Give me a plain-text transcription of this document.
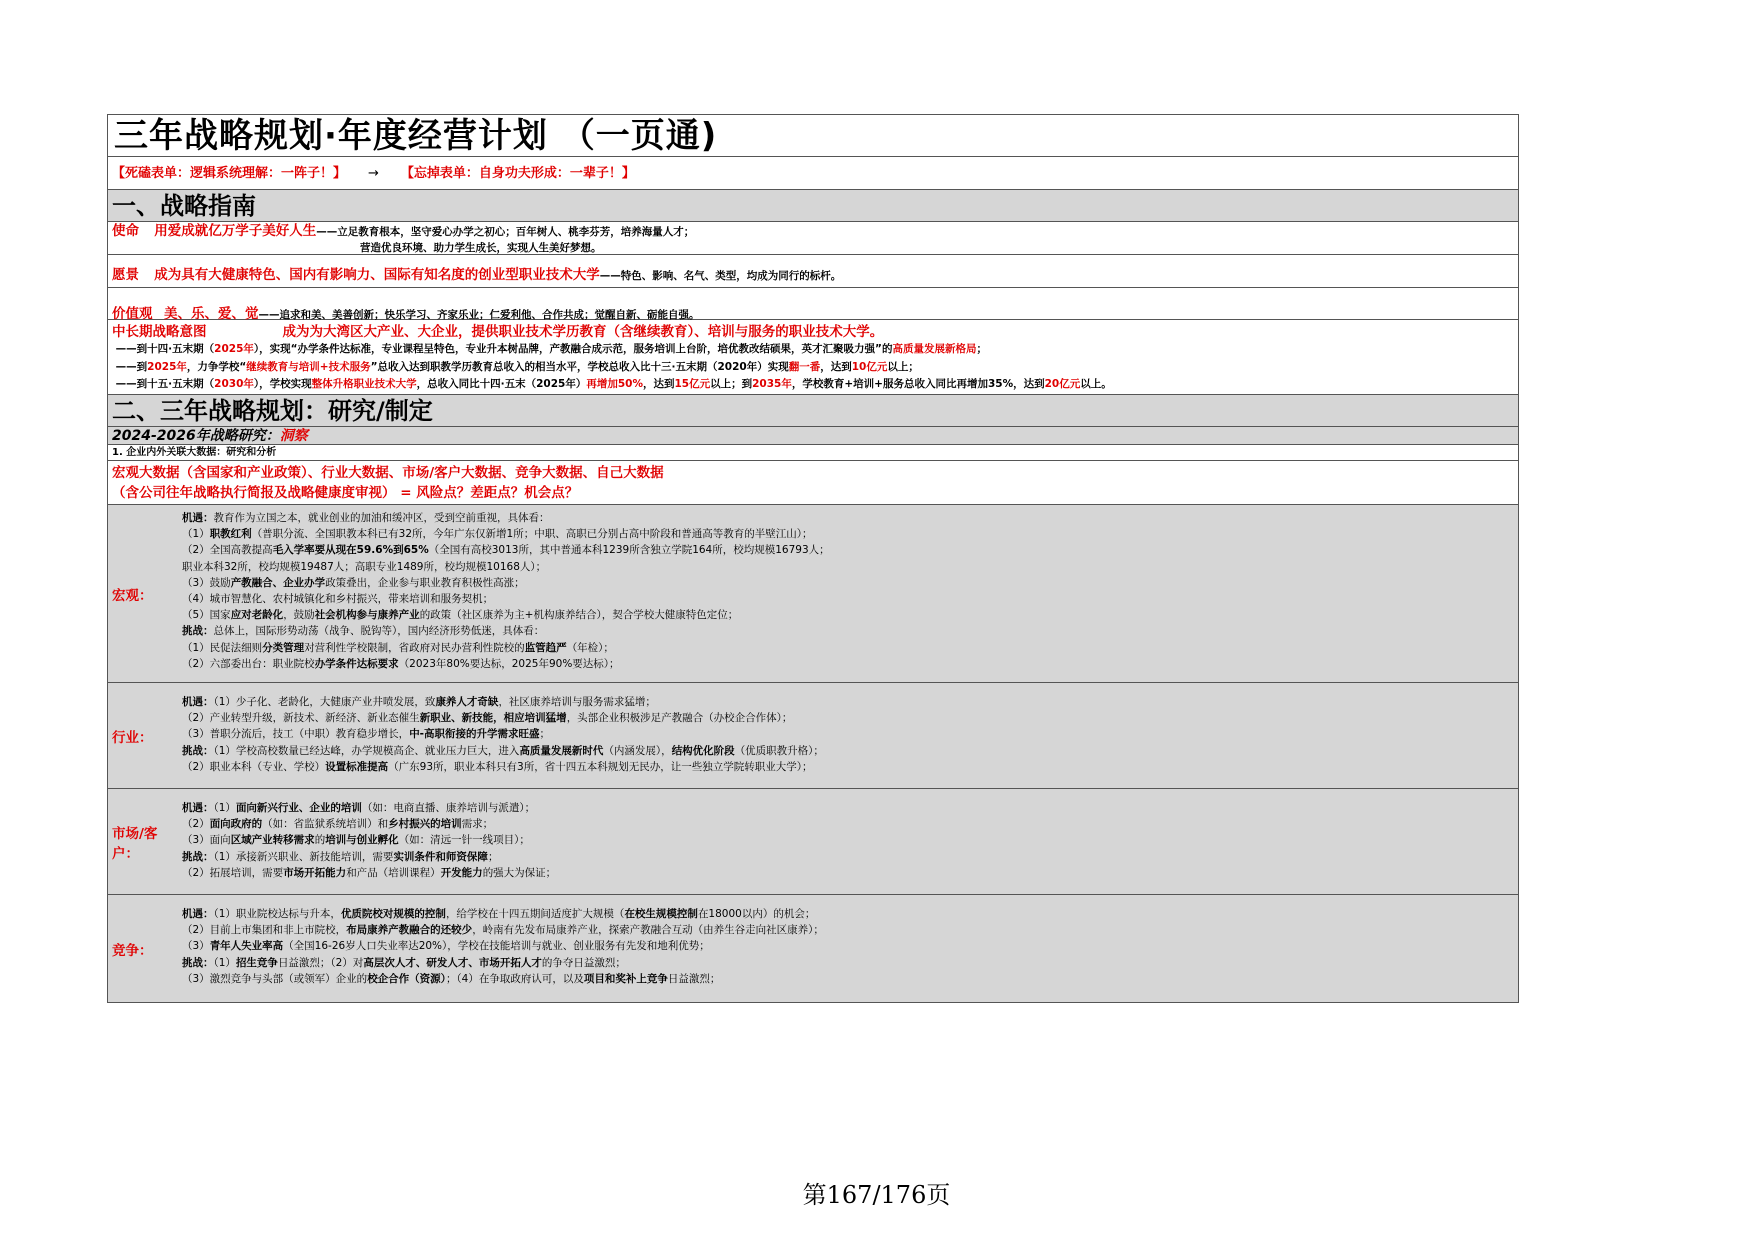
三年战略规划·年度经营计划 （一页通)
【死磕表单：逻辑系统理解：一阵子！】 → 【忘掉表单：自身功夫形成：一辈子！】
一、战略指南
使命 用爱成就亿万学子美好人生——立足教育根本，坚守爱心办学之初心；百年树人、桃李芬芳，培养海量人才；
营造优良环境、助力学生成长，实现人生美好梦想。
愿景 成为具有大健康特色、国内有影响力、国际有知名度的创业型职业技术大学——特色、影响、名气、类型，均成为同行的标杆。
价值观 美、乐、爱、觉——追求和美、美善创新；快乐学习、齐家乐业；仁爱利他、合作共成；觉醒自新、砺能自强。
中长期战略意图	成为为大湾区大产业、大企业，提供职业技术学历教育（含继续教育）、培训与服务的职业技术大学。
——到十四·五末期（2025年），实现“办学条件达标准，专业课程呈特色，专业升本树品牌，产教融合成示范，服务培训上台阶，培优教改结硕果，英才汇聚吸力强”的高质量发展新格局；
——到2025年，力争学校“继续教育与培训+技术服务”总收入达到职教学历教育总收入的相当水平，学校总收入比十三·五末期（2020年）实现翻一番，达到10亿元以上；
——到十五·五末期（2030年），学校实现整体升格职业技术大学，总收入同比十四·五末（2025年）再增加50%，达到15亿元以上；到2035年，学校教育+培训+服务总收入同比再增加35%，达到20亿元以上。
二、三年战略规划：研究/制定
2024-2026年战略研究：洞察
1. 企业内外关联大数据：研究和分析
宏观大数据（含国家和产业政策）、行业大数据、市场/客户大数据、竞争大数据、自己大数据
（含公司往年战略执行简报及战略健康度审视） = 风险点？差距点？机会点？
宏观：
机遇：教育作为立国之本，就业创业的加油和缓冲区，受到空前重视，具体看：
（1）职教红利（普职分流、全国职教本科已有32所，今年广东仅新增1所；中职、高职已分别占高中阶段和普通高等教育的半壁江山）；
（2）全国高教提高毛入学率要从现在59.6%到65%（全国有高校3013所，其中普通本科1239所含独立学院164所，校均规模16793人；
职业本科32所，校均规模19487人；高职专业1489所，校均规模10168人）；
（3）鼓励产教融合、企业办学政策叠出，企业参与职业教育积极性高涨；
（4）城市智慧化、农村城镇化和乡村振兴，带来培训和服务契机；
（5）国家应对老龄化，鼓励社会机构参与康养产业的政策（社区康养为主+机构康养结合），契合学校大健康特色定位；
挑战：总体上，国际形势动荡（战争、脱钩等），国内经济形势低迷，具体看：
（1）民促法细则分类管理对营利性学校限制，省政府对民办营利性院校的监管趋严（年检）；
（2）六部委出台：职业院校办学条件达标要求（2023年80%要达标，2025年90%要达标）；
行业：
机遇：（1）少子化、老龄化，大健康产业井喷发展，致康养人才奇缺，社区康养培训与服务需求猛增；
（2）产业转型升级，新技术、新经济、新业态催生新职业、新技能，相应培训猛增，头部企业积极涉足产教融合（办校企合作体）；
（3）普职分流后，技工（中职）教育稳步增长，中-高职衔接的升学需求旺盛；
挑战：（1）学校高校数量已经达峰，办学规模高企、就业压力巨大，进入高质量发展新时代（内涵发展），结构优化阶段（优质职教升格）；
（2）职业本科（专业、学校）设置标准提高（广东93所，职业本科只有3所，省十四五本科规划无民办，让一些独立学院转职业大学）；
市场/客户：
机遇：（1）面向新兴行业、企业的培训（如：电商直播、康养培训与派遣）；
（2）面向政府的（如：省监狱系统培训）和乡村振兴的培训需求；
（3）面向区域产业转移需求的培训与创业孵化（如：清远一针一线项目）；
挑战：（1）承接新兴职业、新技能培训，需要实训条件和师资保障；
（2）拓展培训，需要市场开拓能力和产品（培训课程）开发能力的强大为保证；
竞争：
机遇：（1）职业院校达标与升本，优质院校对规模的控制，给学校在十四五期间适度扩大规模（在校生规模控制在18000以内）的机会；
（2）目前上市集团和非上市院校，布局康养产教融合的还较少，岭南有先发布局康养产业，探索产教融合互动（由养生谷走向社区康养）；
（3）青年人失业率高（全国16-26岁人口失业率达20%），学校在技能培训与就业、创业服务有先发和地利优势；
挑战：（1）招生竞争日益激烈；（2）对高层次人才、研发人才、市场开拓人才的争夺日益激烈；
（3）激烈竞争与头部（或领军）企业的校企合作（资源）；（4）在争取政府认可，以及项目和奖补上竞争日益激烈；
第167/176页
